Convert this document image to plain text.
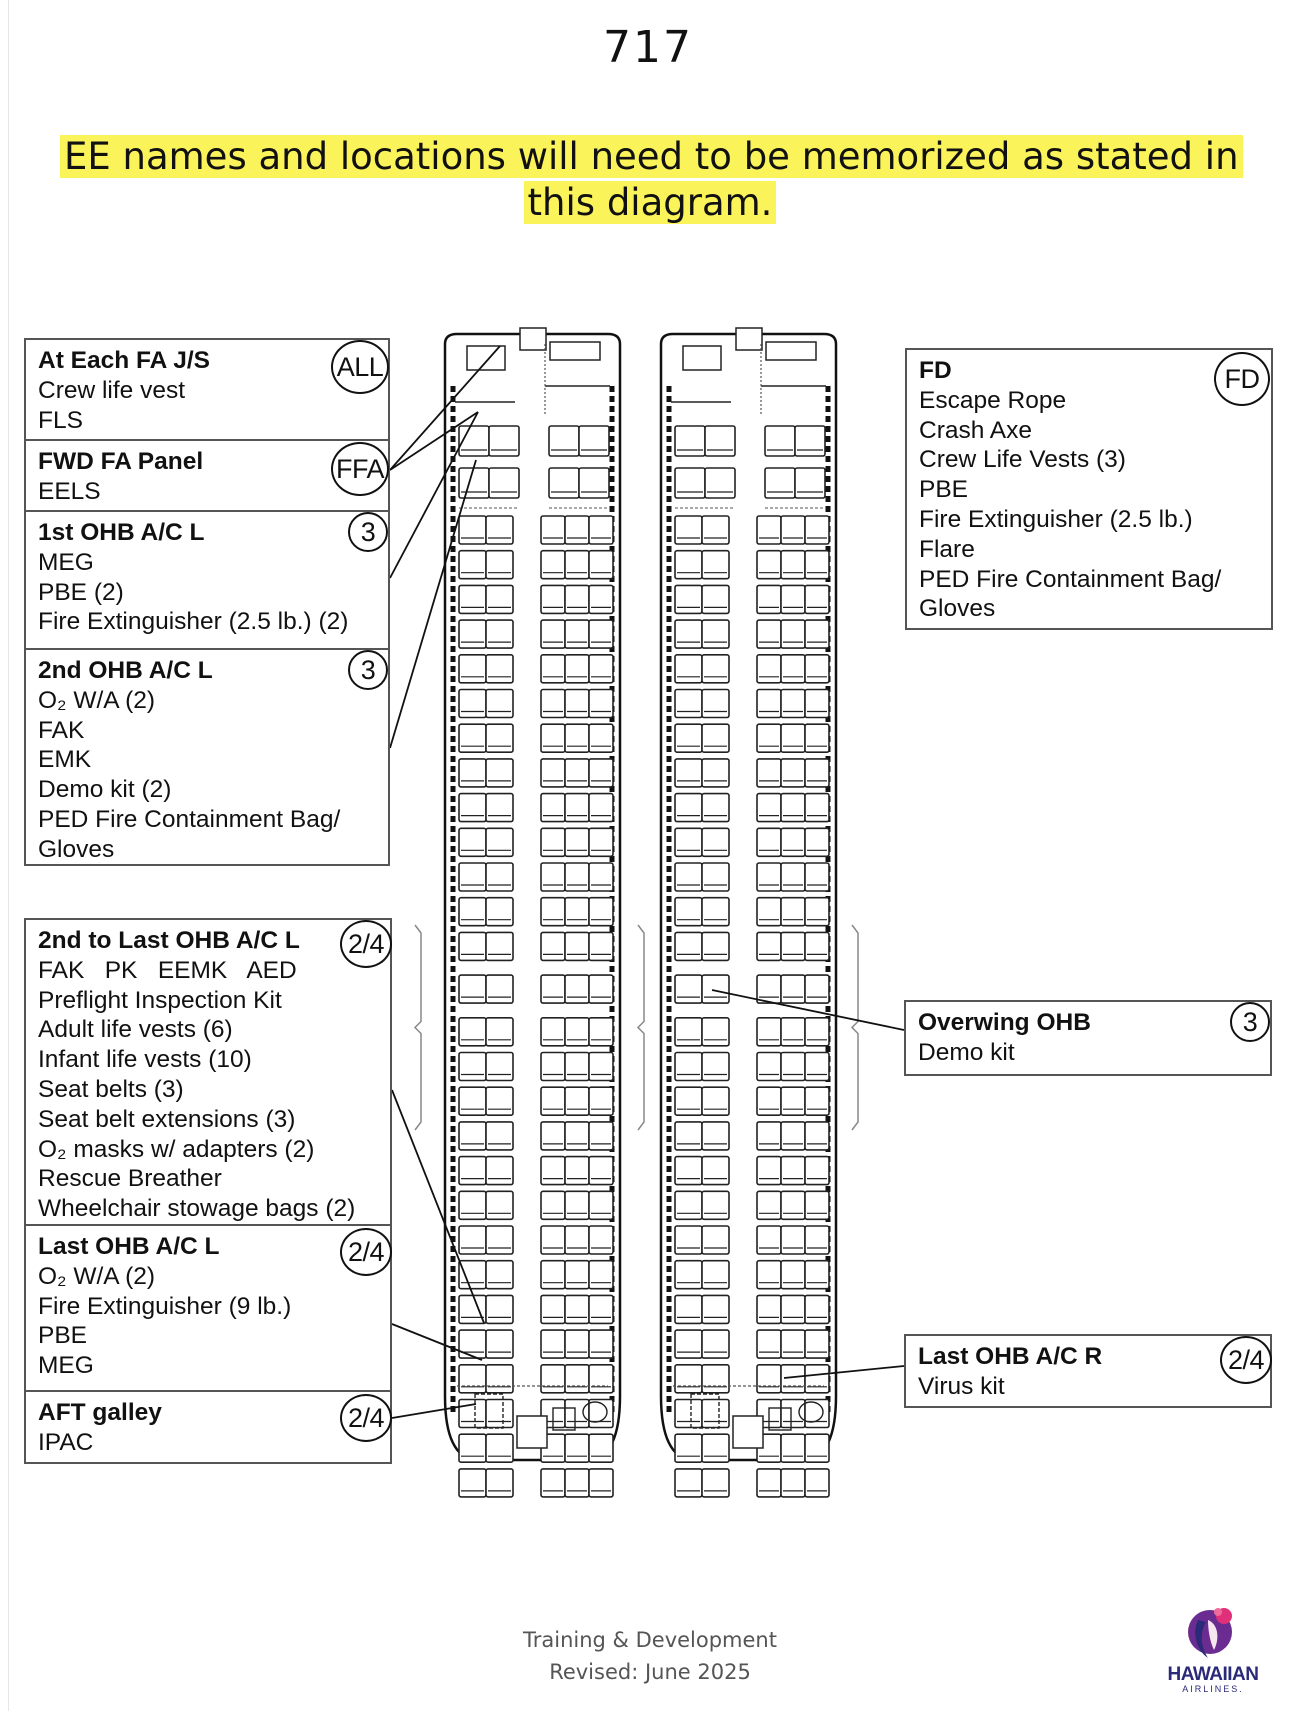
717
EE names and locations will need to be memorized as stated in this diagram.
At Each FA J/S
Crew life vest
FLS
ALL
FWD FA Panel
EELS
FFA
1st OHB A/C L
MEG
PBE (2)
Fire Extinguisher (2.5 lb.) (2)
3
2nd OHB A/C L
O₂ W/A (2)
FAK
EMK
Demo kit (2)
PED Fire Containment Bag/
Gloves
3
2nd to Last OHB A/C L
FAK   PK   EEMK   AED
Preflight Inspection Kit
Adult life vests (6)
Infant life vests (10)
Seat belts (3)
Seat belt extensions (3)
O₂ masks w/ adapters (2)
Rescue Breather
Wheelchair stowage bags (2)
2/4
Last OHB A/C L
O₂ W/A (2)
Fire Extinguisher (9 lb.)
PBE
MEG
2/4
AFT galley
IPAC
2/4
FD
Escape Rope
Crash Axe
Crew Life Vests (3)
PBE
Fire Extinguisher (2.5 lb.)
Flare
PED Fire Containment Bag/
Gloves
FD
Overwing OHB
Demo kit
3
Last OHB A/C R
Virus kit
2/4
Training & Development
Revised: June 2025	HAWAIIAN
AIRLINES.
